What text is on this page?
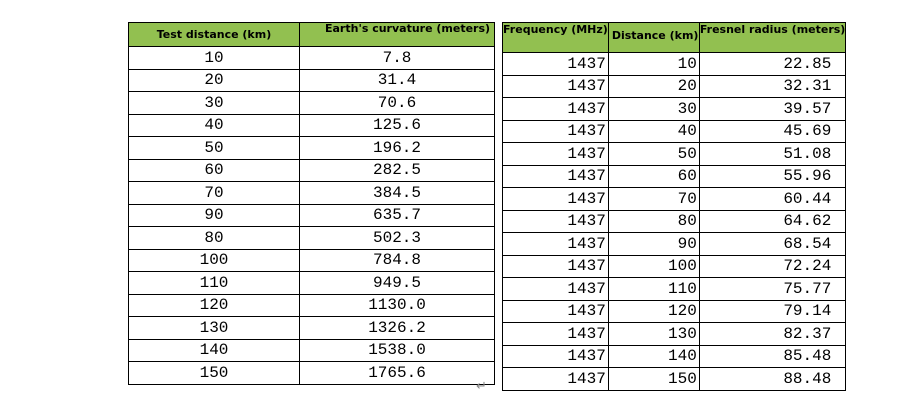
Test distance (km)	Earth's curvature (meters)
10	7.8
20	31.4
30	70.6
40	125.6
50	196.2
60	282.5
70	384.5
90	635.7
80	502.3
100	784.8
110	949.5
120	1130.0
130	1326.2
140	1538.0
150	1765.6
Frequency (MHz)	Distance (km)	Fresnel radius (meters)
1437	10	22.85
1437	20	32.31
1437	30	39.57
1437	40	45.69
1437	50	51.08
1437	60	55.96
1437	70	60.44
1437	80	64.62
1437	90	68.54
1437	100	72.24
1437	110	75.77
1437	120	79.14
1437	130	82.37
1437	140	85.48
1437	150	88.48
↵
